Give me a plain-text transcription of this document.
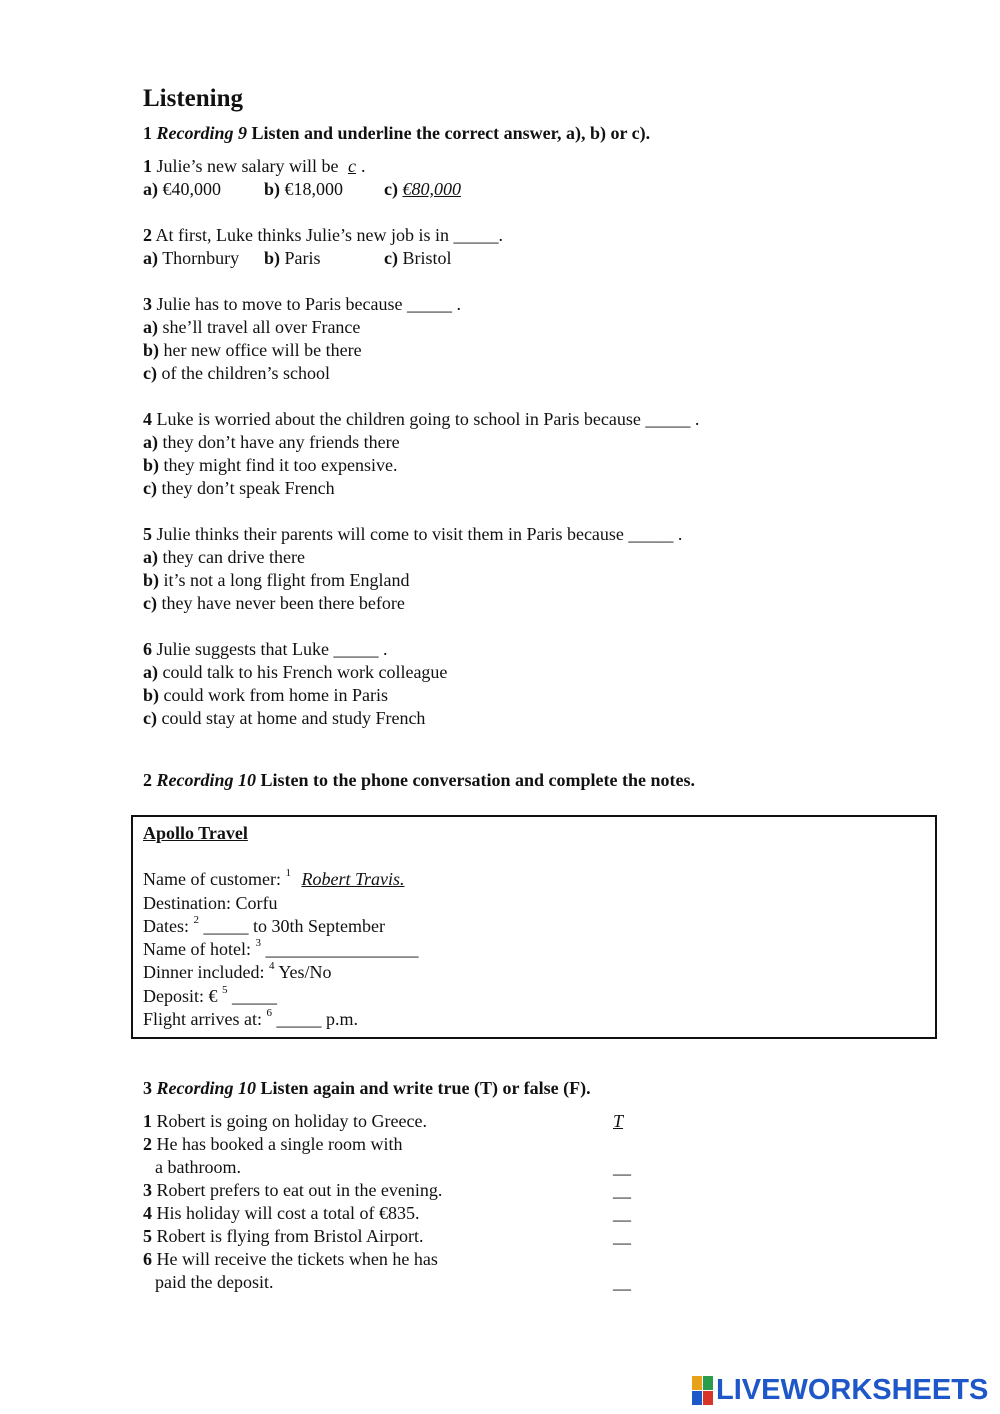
Listening
1 Recording 9 Listen and underline the correct answer, a), b) or c).
1 Julie’s new salary will be c .
a) €40,000 b) €18,000 c) €80,000
2 At first, Luke thinks Julie’s new job is in _____.
a) Thornbury b) Paris	c) Bristol
3 Julie has to move to Paris because _____ .
a) she’ll travel all over France
b) her new office will be there
c) of the children’s school
4 Luke is worried about the children going to school in Paris because _____ .
a) they don’t have any friends there
b) they might find it too expensive.
c) they don’t speak French
5 Julie thinks their parents will come to visit them in Paris because _____ .
a) they can drive there
b) it’s not a long flight from England
c) they have never been there before
6 Julie suggests that Luke _____ .
a) could talk to his French work colleague
b) could work from home in Paris
c) could stay at home and study French
2 Recording 10 Listen to the phone conversation and complete the notes.
Apollo Travel
Name of customer: $^1$ Robert Travis.
Destination: Corfu
Dates: $^2$ _____ to 30th September
Name of hotel: $^3$ _________________
Dinner included: $^4$ Yes/No
Deposit: € $^5$ _____
Flight arrives at: $^6$ _____ p.m.
3 Recording 10 Listen again and write true (T) or false (F).
1 Robert is going on holiday to Greece.	T
2 He has booked a single room with
a bathroom.	__
3 Robert prefers to eat out in the evening.	__
4 His holiday will cost a total of €835.	__
5 Robert is flying from Bristol Airport.	__
6 He will receive the tickets when he has
paid the deposit.	__
LIVEWORKSHEETS
